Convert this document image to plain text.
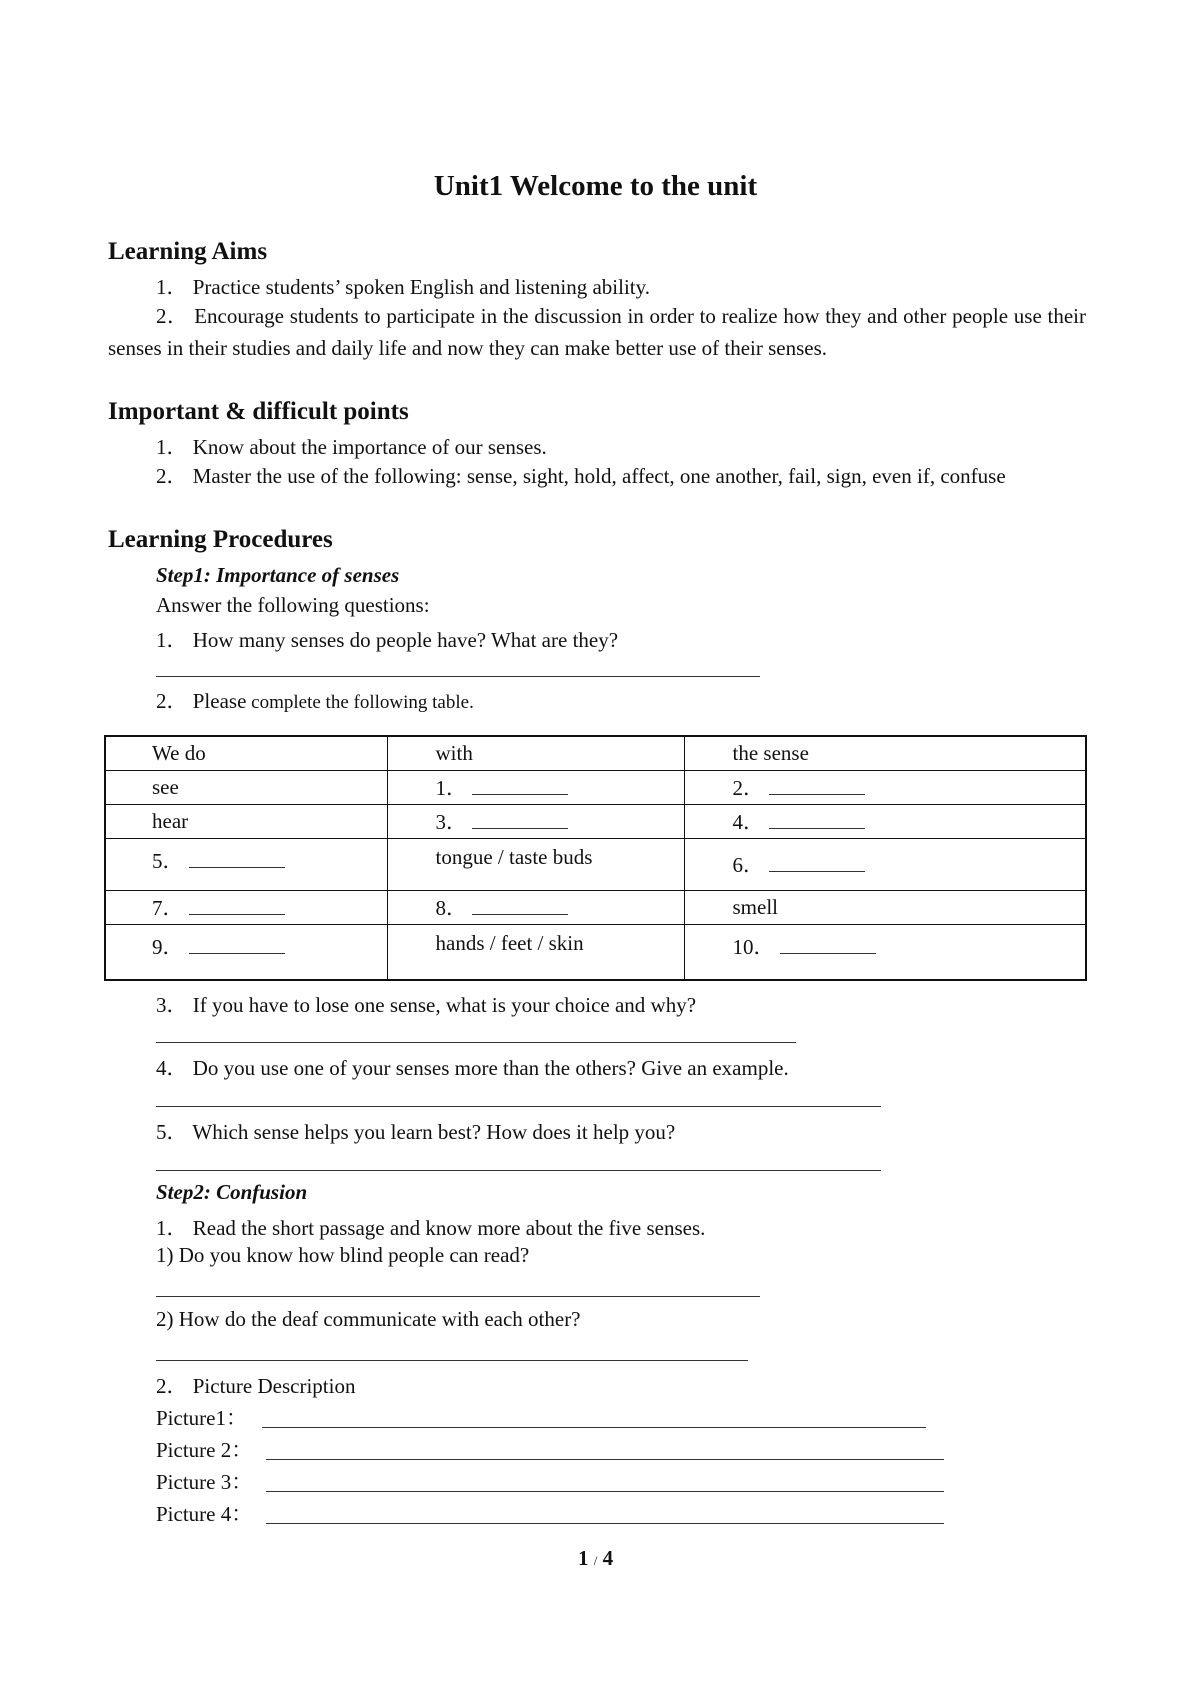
Unit1 Welcome to the unit
Learning Aims

1． Practice students’ spoken English and listening ability.

2． Encourage students to participate in the discussion in order to realize how they and other people use their senses in their studies and daily life and now they can make better use of their senses.

Important & difficult points

1． Know about the importance of our senses.

2． Master the use of the following: sense, sight, hold, affect, one another, fail, sign, even if, confuse

Learning Procedures

Step1: Importance of senses

Answer the following questions:

1． How many senses do people have? What are they?

2． Please complete the following table.

We do	with	the sense
see	1．	2．
hear	3．	4．
5．	tongue / taste buds	6．
7．	8．	smell
9．	hands / feet / skin	10．

3． If you have to lose one sense, what is your choice and why?

4． Do you use one of your senses more than the others? Give an example.

5． Which sense helps you learn best? How does it help you?

Step2: Confusion

1． Read the short passage and know more about the five senses.

1) Do you know how blind people can read?

2) How do the deaf communicate with each other?

2． Picture Description

Picture1：

Picture 2：

Picture 3：

Picture 4：

1 / 4
